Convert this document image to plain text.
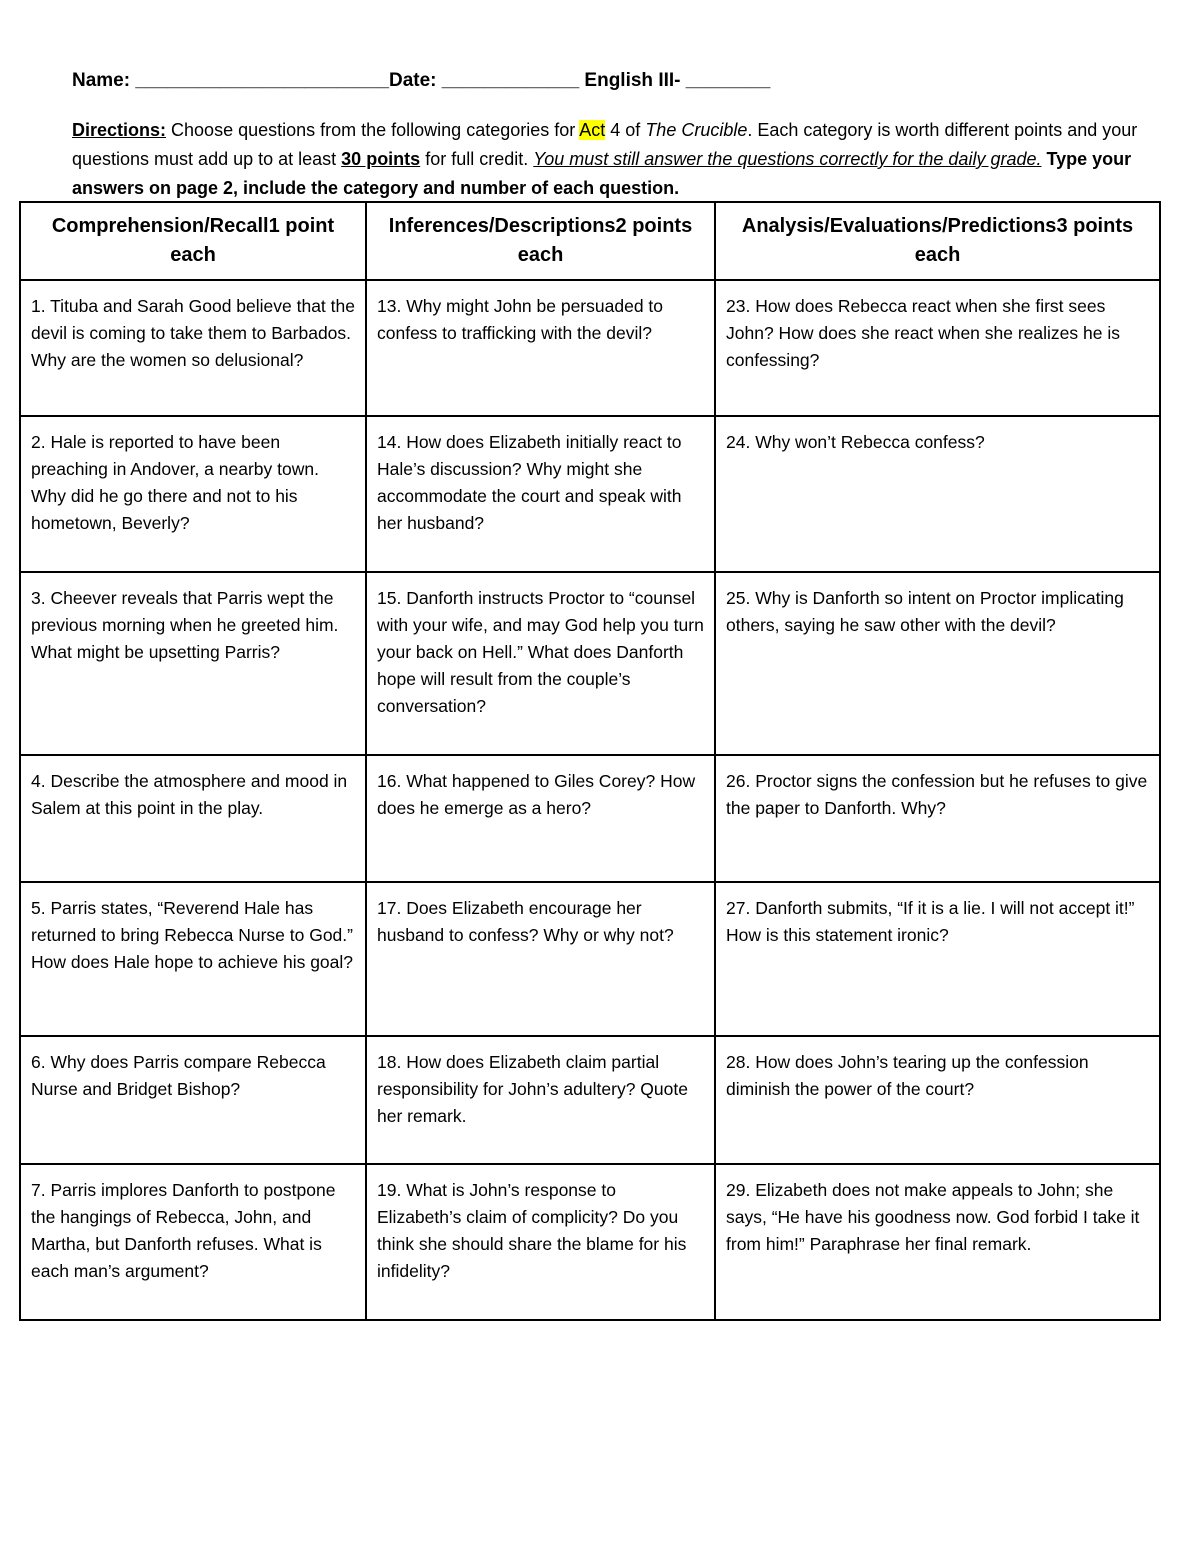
Name: ________________________Date: _____________ English III- ________
Directions: Choose questions from the following categories for Act 4 of The Crucible. Each category is worth different points and your questions must add up to at least 30 points for full credit. You must still answer the questions correctly for the daily grade. Type your answers on page 2, include the category and number of each question.
Comprehension/Recall1 point each	Inferences/Descriptions2 points each	Analysis/Evaluations/Predictions3 points each
1. Tituba and Sarah Good believe that the devil is coming to take them to Barbados. Why are the women so delusional?	13. Why might John be persuaded to confess to trafficking with the devil?	23. How does Rebecca react when she first sees John? How does she react when she realizes he is confessing?
2. Hale is reported to have been preaching in Andover, a nearby town. Why did he go there and not to his hometown, Beverly?	14. How does Elizabeth initially react to Hale’s discussion? Why might she accommodate the court and speak with her husband?	24. Why won’t Rebecca confess?
3. Cheever reveals that Parris wept the previous morning when he greeted him. What might be upsetting Parris?	15. Danforth instructs Proctor to “counsel with your wife, and may God help you turn your back on Hell.” What does Danforth hope will result from the couple’s conversation?	25. Why is Danforth so intent on Proctor implicating others, saying he saw other with the devil?
4. Describe the atmosphere and mood in Salem at this point in the play.	16. What happened to Giles Corey? How does he emerge as a hero?	26. Proctor signs the confession but he refuses to give the paper to Danforth. Why?
5. Parris states, “Reverend Hale has returned to bring Rebecca Nurse to God.” How does Hale hope to achieve his goal?	17. Does Elizabeth encourage her husband to confess? Why or why not?	27. Danforth submits, “If it is a lie. I will not accept it!” How is this statement ironic?
6. Why does Parris compare Rebecca Nurse and Bridget Bishop?	18. How does Elizabeth claim partial responsibility for John’s adultery? Quote her remark.	28. How does John’s tearing up the confession diminish the power of the court?
7. Parris implores Danforth to postpone the hangings of Rebecca, John, and Martha, but Danforth refuses. What is each man’s argument?	19. What is John’s response to Elizabeth’s claim of complicity? Do you think she should share the blame for his infidelity?	29. Elizabeth does not make appeals to John; she says, “He have his goodness now. God forbid I take it from him!” Paraphrase her final remark.
